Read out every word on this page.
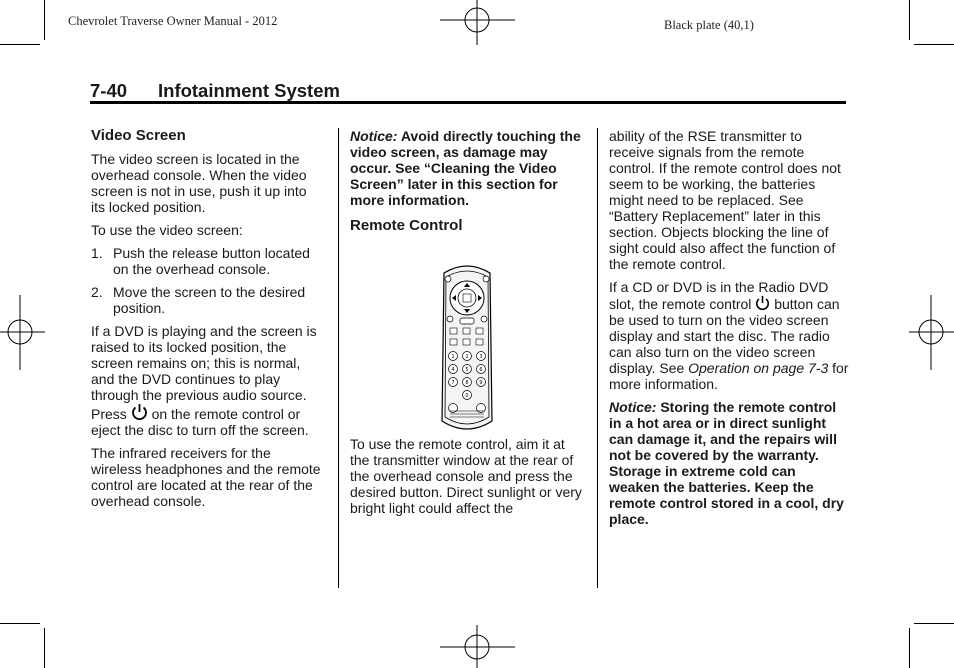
Chevrolet Traverse Owner Manual - 2012	Black plate (40,1)
7-40 Infotainment System
Video Screen

The video screen is located in the overhead console. When the video screen is not in use, push it up into its locked position.

To use the video screen:

1. Push the release button located on the overhead console.
2. Move the screen to the desired position.

If a DVD is playing and the screen is raised to its locked position, the screen remains on; this is normal, and the DVD continues to play through the previous audio source.

Press on the remote control or eject the disc to turn off the screen.

The infrared receivers for the wireless headphones and the remote control are located at the rear of the overhead console.

Notice: Avoid directly touching the video screen, as damage may occur. See “Cleaning the Video Screen” later in this section for more information.

Remote Control
1 2 3
4 5 6
7 8 9
0

To use the remote control, aim it at the transmitter window at the rear of the overhead console and press the desired button. Direct sunlight or very bright light could affect the

ability of the RSE transmitter to receive signals from the remote control. If the remote control does not seem to be working, the batteries might need to be replaced. See “Battery Replacement” later in this section. Objects blocking the line of sight could also affect the function of the remote control.

If a CD or DVD is in the Radio DVD slot, the remote control button can be used to turn on the video screen display and start the disc. The radio can also turn on the video screen display. See Operation on page 7-3 for more information.

Notice: Storing the remote control in a hot area or in direct sunlight can damage it, and the repairs will not be covered by the warranty. Storage in extreme cold can weaken the batteries. Keep the remote control stored in a cool, dry place.
